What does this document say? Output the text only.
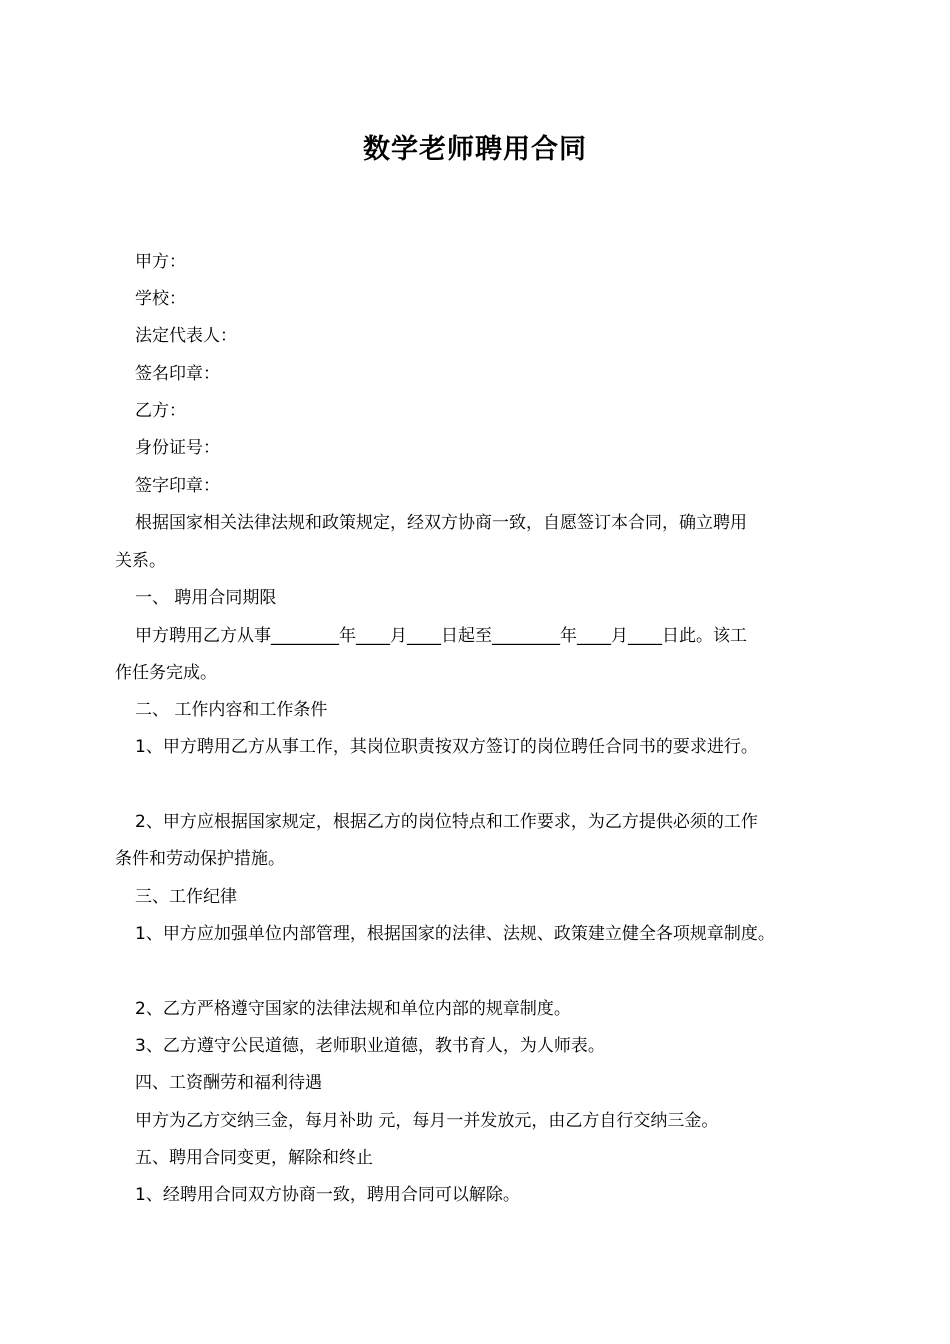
数学老师聘用合同
甲方：
学校：
法定代表人：
签名印章：
乙方：
身份证号：
签字印章：
根据国家相关法律法规和政策规定，经双方协商一致，自愿签订本合同，确立聘用
关系。
一、 聘用合同期限
甲方聘用乙方从事________年____月____日起至________年____月____日此。该工
作任务完成。
二、 工作内容和工作条件
1、甲方聘用乙方从事工作，其岗位职责按双方签订的岗位聘任合同书的要求进行。
2、甲方应根据国家规定，根据乙方的岗位特点和工作要求，为乙方提供必须的工作
条件和劳动保护措施。
三、工作纪律
1、甲方应加强单位内部管理，根据国家的法律、法规、政策建立健全各项规章制度。
2、乙方严格遵守国家的法律法规和单位内部的规章制度。
3、乙方遵守公民道德，老师职业道德，教书育人，为人师表。
四、工资酬劳和福利待遇
甲方为乙方交纳三金，每月补助 元，每月一并发放元，由乙方自行交纳三金。
五、聘用合同变更，解除和终止
1、经聘用合同双方协商一致，聘用合同可以解除。
